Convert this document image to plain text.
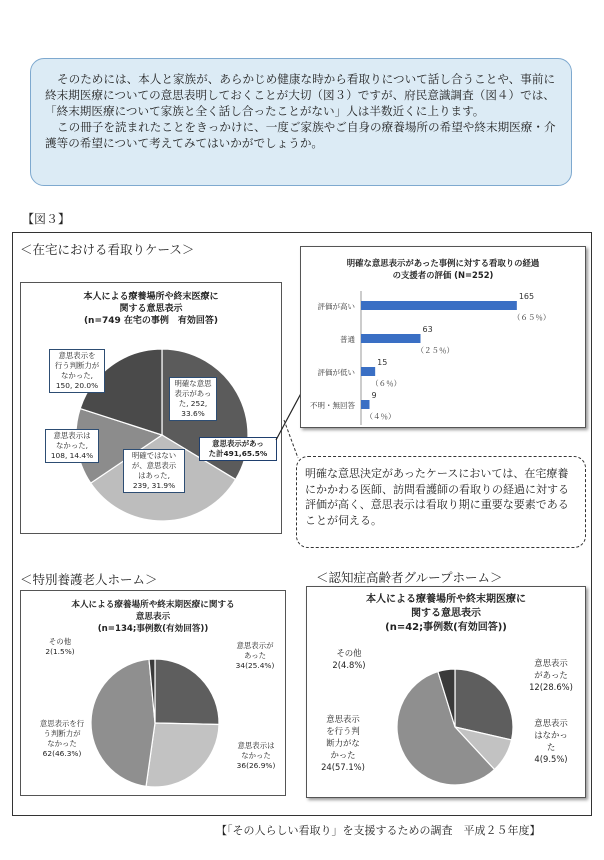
そのためには、本人と家族が、あらかじめ健康な時から看取りについて話し合うことや、事前に終末期医療についての意思表明しておくことが大切（図３）ですが、府民意識調査（図４）では、「終末期医療について家族と全く話し合ったことがない」人は半数近くに上ります。

この冊子を読まれたことをきっかけに、一度ご家族やご自身の療養場所の希望や終末期医療・介護等の希望について考えてみてはいかがでしょうか。

【図３】
＜在宅における看取りケース＞
本人による療養場所や終末医療に
関する意思表示
(n=749 在宅の事例　有効回答)
明確な意思
表示があっ
た, 252,
33.6%
明確ではない
が、意思表示
はあった,
239, 31.9%
意思表示は
なかった,
108, 14.4%
意思表示を
行う判断力が
なかった,
150, 20.0%
意思表示があっ
た計491,65.5%
明確な意思表示があった事例に対する看取りの経過
の支援者の評価 (N=252)
評価が高い
165
（６５％）
普通
63
（２５％）
評価が低い
15
（６％）
不明・無回答
9
（４％）
明確な意思決定があったケースにおいては、在宅療養にかかわる医師、訪問看護師の看取りの経過に対する評価が高く、意思表示は看取り期に重要な要素であることが伺える。
＜特別養護老人ホーム＞
本人による療養場所や終末期医療に関する
意思表示
(n=134;事例数(有効回答))
意思表示が
あった
34(25.4%)
意思表示は
なかった
36(26.9%)
意思表示を行
う判断力が
なかった
62(46.3%)
その他
2(1.5%)
＜認知症高齢者グループホーム＞
本人による療養場所や終末期医療に
関する意思表示
(n=42;事例数(有効回答))
意思表示
があった
12(28.6%)
意思表示
はなかっ
た
4(9.5%)
意思表示
を行う判
断力がな
かった
24(57.1%)
その他
2(4.8%)
【「その人らしい看取り」を支援するための調査　平成２５年度】
